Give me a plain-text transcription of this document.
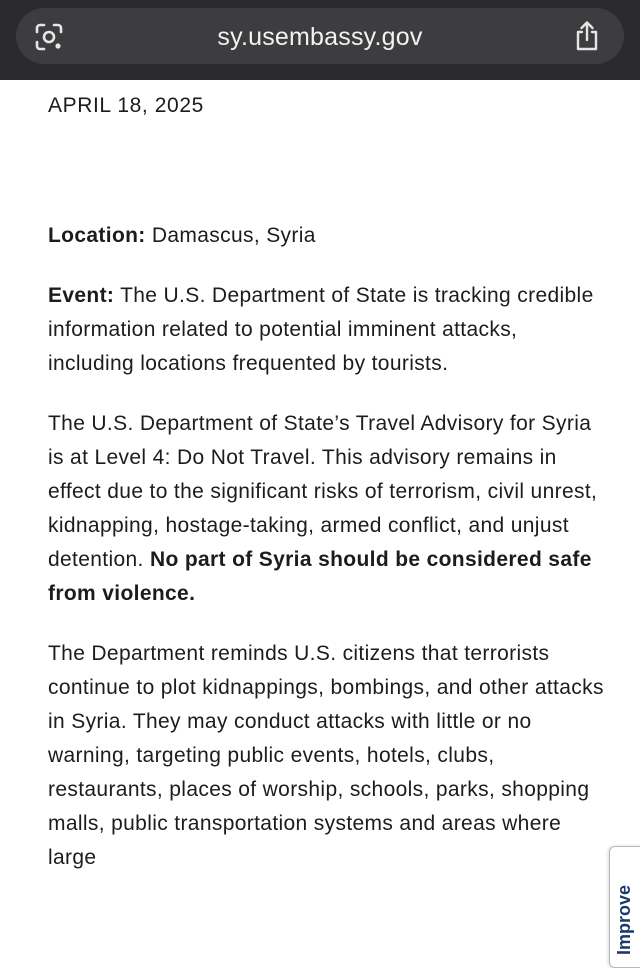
sy.usembassy.gov

APRIL 18, 2025

Location: Damascus, Syria

Event: The U.S. Department of State is tracking credible information related to potential imminent attacks, including locations frequented by tourists.

The U.S. Department of State’s Travel Advisory for Syria is at Level 4: Do Not Travel. This advisory remains in effect due to the significant risks of terrorism, civil unrest, kidnapping, hostage-taking, armed conflict, and unjust detention. No part of Syria should be considered safe from violence.

The Department reminds U.S. citizens that terrorists continue to plot kidnappings, bombings, and other attacks in Syria. They may conduct attacks with little or no warning, targeting public events, hotels, clubs, restaurants, places of worship, schools, parks, shopping malls, public transportation systems and areas where large

Improve
